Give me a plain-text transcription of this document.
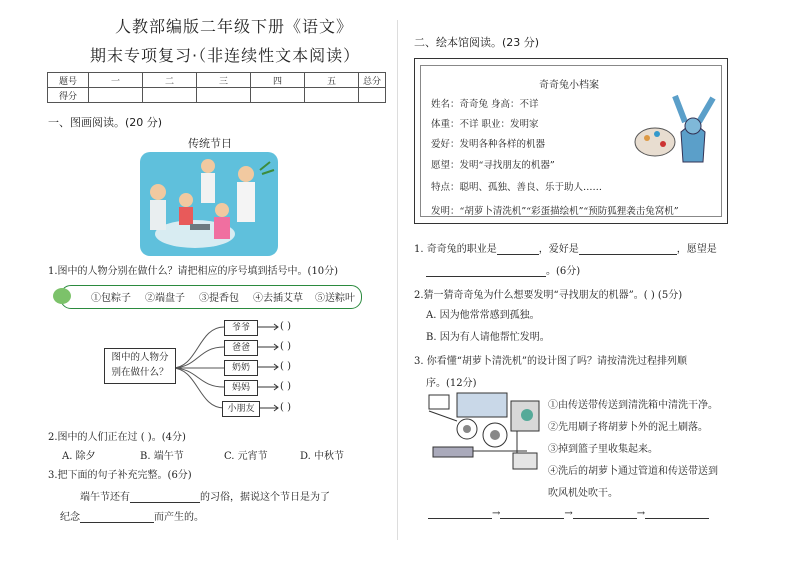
人教部编版二年级下册《语文》
期末专项复习·（非连续性文本阅读）
题号	一	二	三	四	五	总分
得分						
一、图画阅读。(20 分)
传统节日
1.图中的人物分别在做什么？请把相应的序号填到括号中。(10分)
①包粽子 ②端盘子 ③提香包 ④去插艾草 ⑤送粽叶
图中的人物分别在做什么？
爷爷
爸爸
奶奶
妈妈
小朋友
( )
( )
( )
( )
( )
2.图中的人们正在过 ( )。(4分)
A. 除夕	B. 端午节	C. 元宵节	D. 中秋节
3.把下面的句子补充完整。(6分)
端午节还有	的习俗，据说这个节日是为了
纪念	而产生的。
二、绘本馆阅读。(23 分)
奇奇兔小档案
姓名：奇奇兔 身高：不详
体重：不详 职业：发明家
爱好：发明各种各样的机器
愿望：发明“寻找朋友的机器”
特点：聪明、孤独、善良、乐于助人……
发明：“胡萝卜清洗机”“彩蛋描绘机”“预防狐狸袭击兔窝机”
1. 奇奇兔的职业是	，爱好是	，愿望是
。(6分)
2.猜一猜奇奇兔为什么想要发明“寻找朋友的机器”。( ) (5分)
A. 因为他常常感到孤独。
B. 因为有人请他帮忙发明。
3. 你看懂“胡萝卜清洗机”的设计图了吗？请按清洗过程排列顺
序。(12分)
①由传送带传送到清洗箱中清洗干净。
②先用刷子将胡萝卜外的泥土刷落。
③掉到篮子里收集起来。
④洗后的胡萝卜通过管道和传送带送到
吹风机处吹干。
→	→	→
